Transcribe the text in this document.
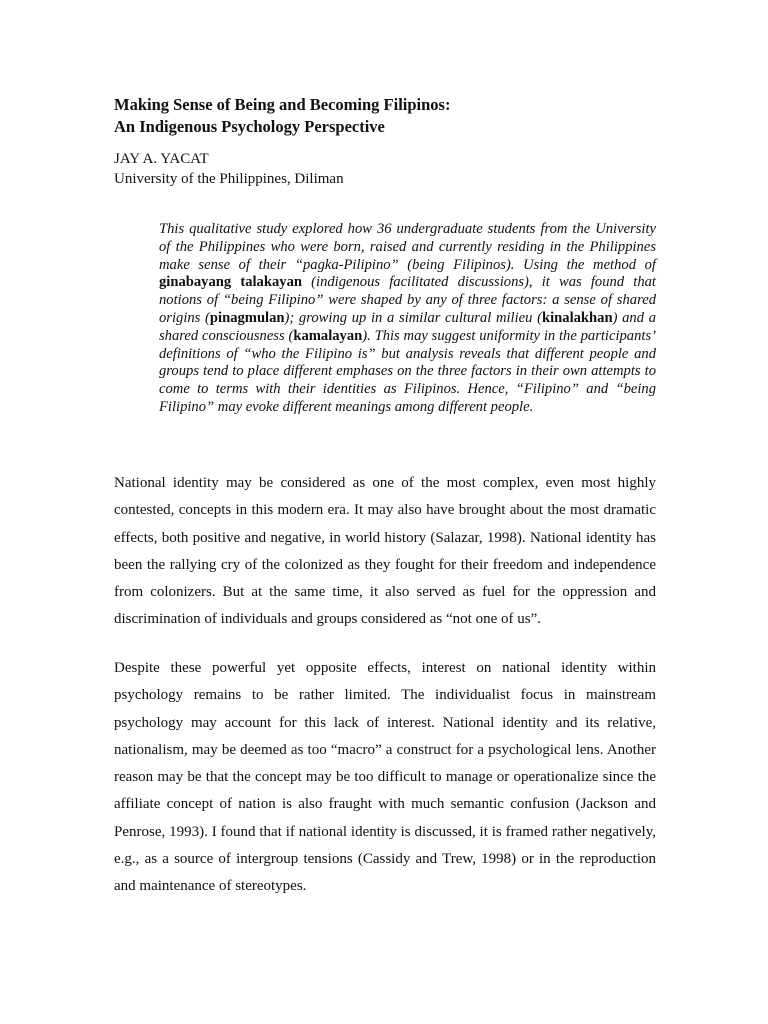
Making Sense of Being and Becoming Filipinos:
An Indigenous Psychology Perspective

JAY A. YACAT

University of the Philippines, Diliman

This qualitative study explored how 36 undergraduate students from the University of the Philippines who were born, raised and currently residing in the Philippines make sense of their “pagka-Pilipino” (being Filipinos). Using the method of ginabayang talakayan (indigenous facilitated discussions), it was found that notions of “being Filipino” were shaped by any of three factors: a sense of shared origins (pinagmulan); growing up in a similar cultural milieu (kinalakhan) and a shared consciousness (kamalayan). This may suggest uniformity in the participants’ definitions of “who the Filipino is” but analysis reveals that different people and groups tend to place different emphases on the three factors in their own attempts to come to terms with their identities as Filipinos. Hence, “Filipino” and “being Filipino” may evoke different meanings among different people.

National identity may be considered as one of the most complex, even most highly contested, concepts in this modern era. It may also have brought about the most dramatic effects, both positive and negative, in world history (Salazar, 1998). National identity has been the rallying cry of the colonized as they fought for their freedom and independence from colonizers. But at the same time, it also served as fuel for the oppression and discrimination of individuals and groups considered as “not one of us”.

Despite these powerful yet opposite effects, interest on national identity within psychology remains to be rather limited. The individualist focus in mainstream psychology may account for this lack of interest. National identity and its relative, nationalism, may be deemed as too “macro” a construct for a psychological lens. Another reason may be that the concept may be too difficult to manage or operationalize since the affiliate concept of nation is also fraught with much semantic confusion (Jackson and Penrose, 1993). I found that if national identity is discussed, it is framed rather negatively, e.g., as a source of intergroup tensions (Cassidy and Trew, 1998) or in the reproduction and maintenance of stereotypes.
